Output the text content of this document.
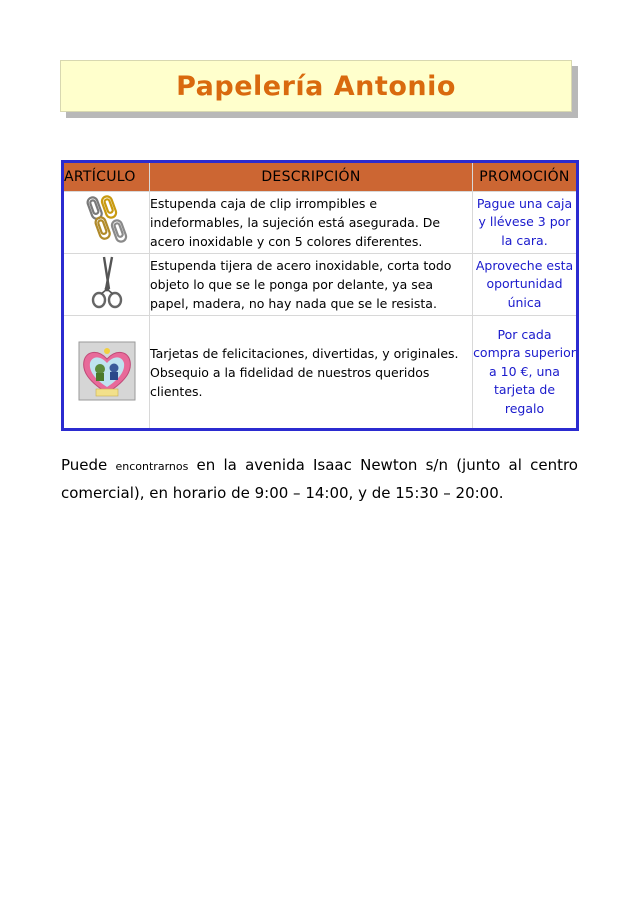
Papelería Antonio
ARTÍCULO	DESCRIPCIÓN	PROMOCIÓN
	Estupenda caja de clip irrompibles e indeformables, la sujeción está asegurada. De acero inoxidable y con 5 colores diferentes.	Pague una caja y llévese 3 por la cara.
	Estupenda tijera de acero inoxidable, corta todo objeto lo que se le ponga por delante, ya sea papel, madera, no hay nada que se le resista.	Aproveche esta oportunidad única
	Tarjetas de felicitaciones, divertidas, y originales. Obsequio a la fidelidad de nuestros queridos clientes.	Por cada compra superior a 10 €, una tarjeta de regalo
Puede encontrarnos en la avenida Isaac Newton s/n (junto al centro comercial), en horario de 9:00 – 14:00, y de 15:30 – 20:00.
